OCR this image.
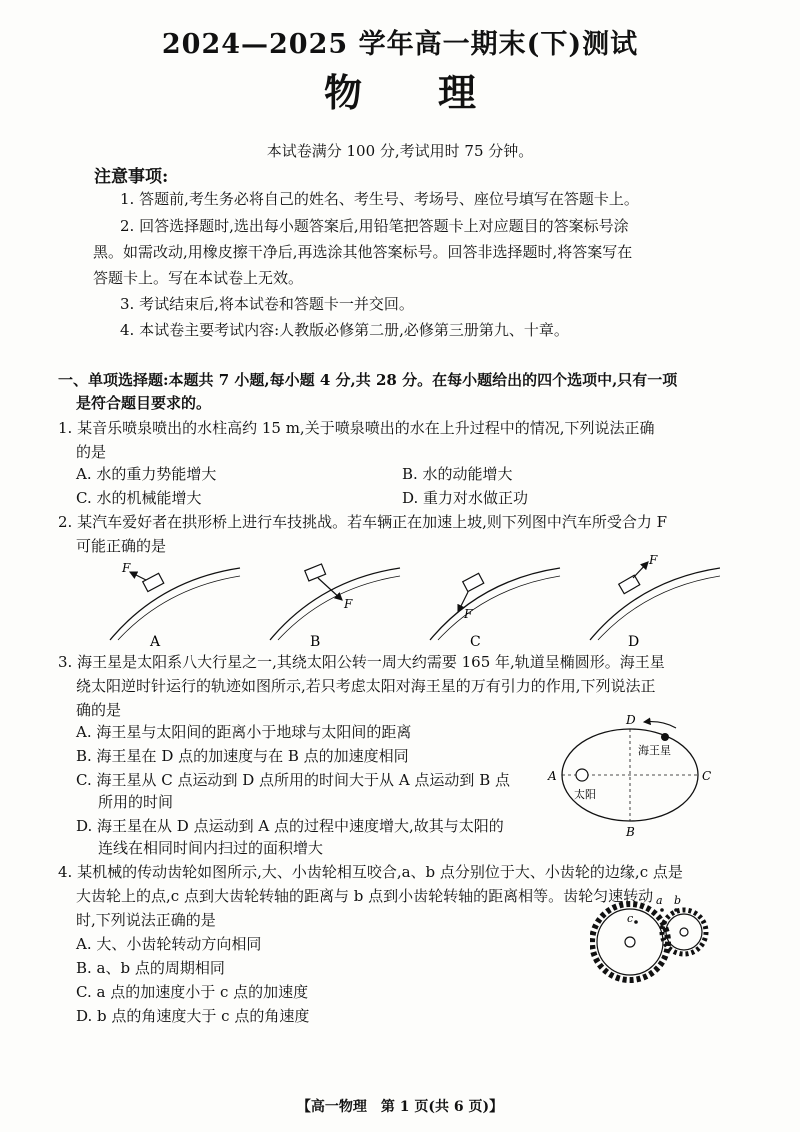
2024—2025 学年高一期末(下)测试
物 理
本试卷满分 100 分,考试用时 75 分钟。
注意事项:
1. 答题前,考生务必将自己的姓名、考生号、考场号、座位号填写在答题卡上。
2. 回答选择题时,选出每小题答案后,用铅笔把答题卡上对应题目的答案标号涂
黑。如需改动,用橡皮擦干净后,再选涂其他答案标号。回答非选择题时,将答案写在
答题卡上。写在本试卷上无效。
3. 考试结束后,将本试卷和答题卡一并交回。
4. 本试卷主要考试内容:人教版必修第二册,必修第三册第九、十章。
一、单项选择题:本题共 7 小题,每小题 4 分,共 28 分。在每小题给出的四个选项中,只有一项
是符合题目要求的。
1. 某音乐喷泉喷出的水柱高约 15 m,关于喷泉喷出的水在上升过程中的情况,下列说法正确
的是
A. 水的重力势能增大	B. 水的动能增大
C. 水的机械能增大	D. 重力对水做正功
2. 某汽车爱好者在拱形桥上进行车技挑战。若车辆正在加速上坡,则下列图中汽车所受合力 F
可能正确的是
F
A
F
B
F
C
F
D
3. 海王星是太阳系八大行星之一,其绕太阳公转一周大约需要 165 年,轨道呈椭圆形。海王星
绕太阳逆时针运行的轨迹如图所示,若只考虑太阳对海王星的万有引力的作用,下列说法正
确的是
A. 海王星与太阳间的距离小于地球与太阳间的距离
B. 海王星在 D 点的加速度与在 B 点的加速度相同
C. 海王星从 C 点运动到 D 点所用的时间大于从 A 点运动到 B 点
所用的时间
D. 海王星在从 D 点运动到 A 点的过程中速度增大,故其与太阳的
连线在相同时间内扫过的面积增大
D
A	C
B
海王星
太阳
4. 某机械的传动齿轮如图所示,大、小齿轮相互咬合,a、b 点分别位于大、小齿轮的边缘,c 点是
大齿轮上的点,c 点到大齿轮转轴的距离与 b 点到小齿轮转轴的距离相等。齿轮匀速转动
时,下列说法正确的是
A. 大、小齿轮转动方向相同
B. a、b 点的周期相同
C. a 点的加速度小于 c 点的加速度
D. b 点的角速度大于 c 点的角速度
a b
c
【高一物理　第 1 页(共 6 页)】
